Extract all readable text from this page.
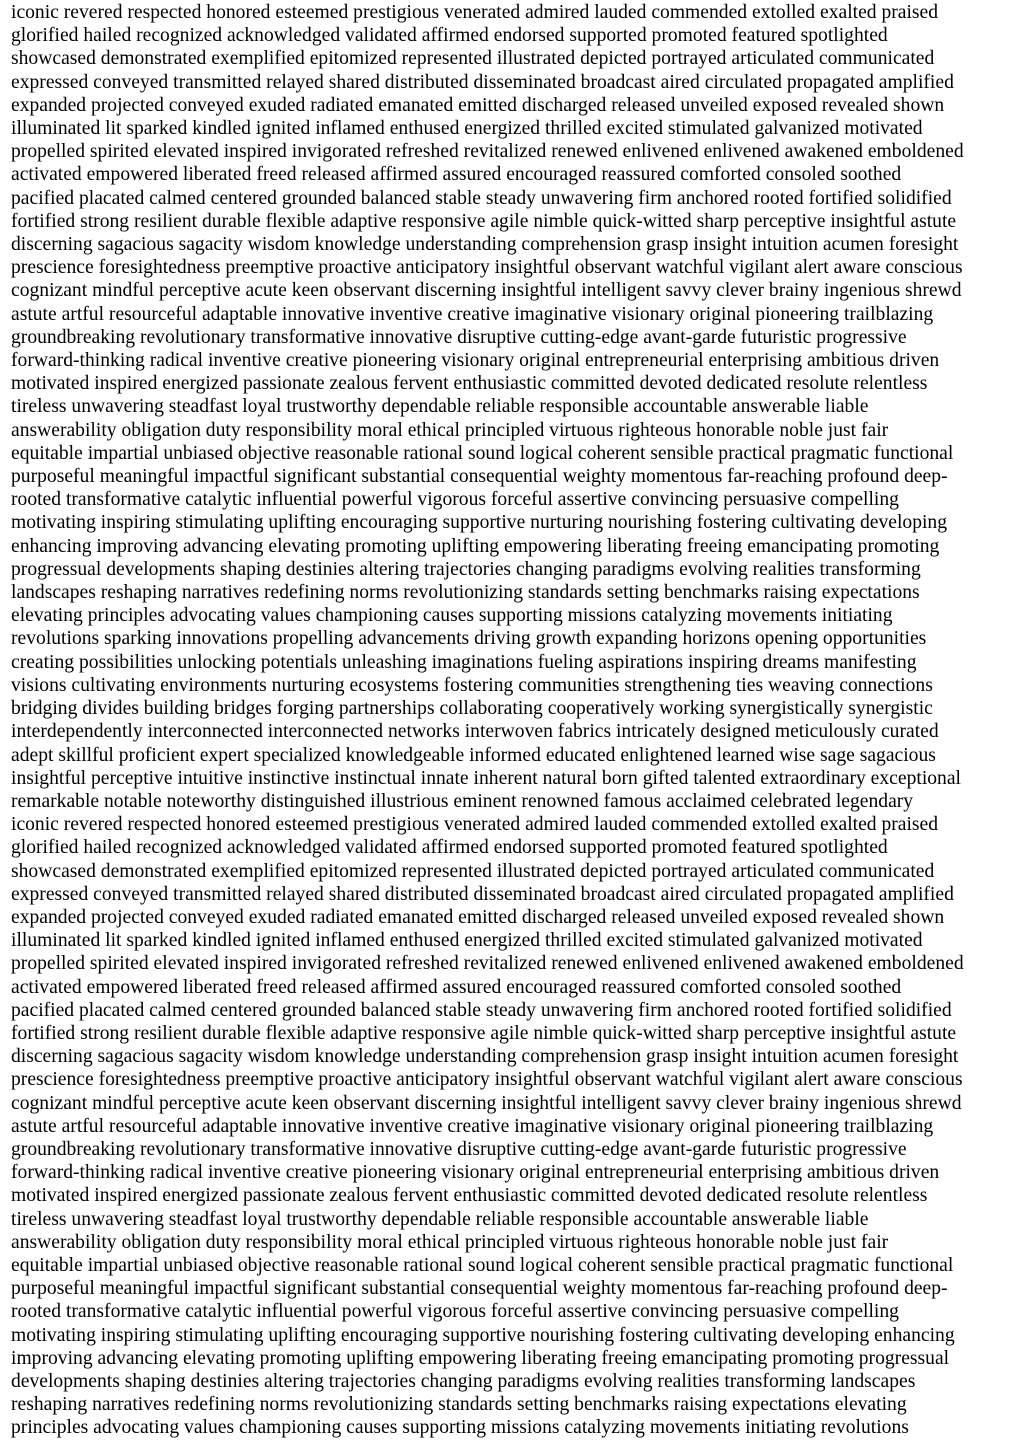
iconic revered respected honored esteemed prestigious venerated admired lauded commended extolled exalted praised
glorified hailed recognized acknowledged validated affirmed endorsed supported promoted featured spotlighted
showcased demonstrated exemplified epitomized represented illustrated depicted portrayed articulated communicated
expressed conveyed transmitted relayed shared distributed disseminated broadcast aired circulated propagated amplified
expanded projected conveyed exuded radiated emanated emitted discharged released unveiled exposed revealed shown
illuminated lit sparked kindled ignited inflamed enthused energized thrilled excited stimulated galvanized motivated
propelled spirited elevated inspired invigorated refreshed revitalized renewed enlivened enlivened awakened emboldened
activated empowered liberated freed released affirmed assured encouraged reassured comforted consoled soothed
pacified placated calmed centered grounded balanced stable steady unwavering firm anchored rooted fortified solidified
fortified strong resilient durable flexible adaptive responsive agile nimble quick-witted sharp perceptive insightful astute
discerning sagacious sagacity wisdom knowledge understanding comprehension grasp insight intuition acumen foresight
prescience foresightedness preemptive proactive anticipatory insightful observant watchful vigilant alert aware conscious
cognizant mindful perceptive acute keen observant discerning insightful intelligent savvy clever brainy ingenious shrewd
astute artful resourceful adaptable innovative inventive creative imaginative visionary original pioneering trailblazing
groundbreaking revolutionary transformative innovative disruptive cutting-edge avant-garde futuristic progressive
forward-thinking radical inventive creative pioneering visionary original entrepreneurial enterprising ambitious driven
motivated inspired energized passionate zealous fervent enthusiastic committed devoted dedicated resolute relentless
tireless unwavering steadfast loyal trustworthy dependable reliable responsible accountable answerable liable
answerability obligation duty responsibility moral ethical principled virtuous righteous honorable noble just fair
equitable impartial unbiased objective reasonable rational sound logical coherent sensible practical pragmatic functional
purposeful meaningful impactful significant substantial consequential weighty momentous far-reaching profound deep-
rooted transformative catalytic influential powerful vigorous forceful assertive convincing persuasive compelling
motivating inspiring stimulating uplifting encouraging supportive nurturing nourishing fostering cultivating developing
enhancing improving advancing elevating promoting uplifting empowering liberating freeing emancipating promoting
progressual developments shaping destinies altering trajectories changing paradigms evolving realities transforming
landscapes reshaping narratives redefining norms revolutionizing standards setting benchmarks raising expectations
elevating principles advocating values championing causes supporting missions catalyzing movements initiating
revolutions sparking innovations propelling advancements driving growth expanding horizons opening opportunities
creating possibilities unlocking potentials unleashing imaginations fueling aspirations inspiring dreams manifesting
visions cultivating environments nurturing ecosystems fostering communities strengthening ties weaving connections
bridging divides building bridges forging partnerships collaborating cooperatively working synergistically synergistic
interdependently interconnected interconnected networks interwoven fabrics intricately designed meticulously curated
adept skillful proficient expert specialized knowledgeable informed educated enlightened learned wise sage sagacious
insightful perceptive intuitive instinctive instinctual innate inherent natural born gifted talented extraordinary exceptional
remarkable notable noteworthy distinguished illustrious eminent renowned famous acclaimed celebrated legendary
iconic revered respected honored esteemed prestigious venerated admired lauded commended extolled exalted praised
glorified hailed recognized acknowledged validated affirmed endorsed supported promoted featured spotlighted
showcased demonstrated exemplified epitomized represented illustrated depicted portrayed articulated communicated
expressed conveyed transmitted relayed shared distributed disseminated broadcast aired circulated propagated amplified
expanded projected conveyed exuded radiated emanated emitted discharged released unveiled exposed revealed shown
illuminated lit sparked kindled ignited inflamed enthused energized thrilled excited stimulated galvanized motivated
propelled spirited elevated inspired invigorated refreshed revitalized renewed enlivened enlivened awakened emboldened
activated empowered liberated freed released affirmed assured encouraged reassured comforted consoled soothed
pacified placated calmed centered grounded balanced stable steady unwavering firm anchored rooted fortified solidified
fortified strong resilient durable flexible adaptive responsive agile nimble quick-witted sharp perceptive insightful astute
discerning sagacious sagacity wisdom knowledge understanding comprehension grasp insight intuition acumen foresight
prescience foresightedness preemptive proactive anticipatory insightful observant watchful vigilant alert aware conscious
cognizant mindful perceptive acute keen observant discerning insightful intelligent savvy clever brainy ingenious shrewd
astute artful resourceful adaptable innovative inventive creative imaginative visionary original pioneering trailblazing
groundbreaking revolutionary transformative innovative disruptive cutting-edge avant-garde futuristic progressive
forward-thinking radical inventive creative pioneering visionary original entrepreneurial enterprising ambitious driven
motivated inspired energized passionate zealous fervent enthusiastic committed devoted dedicated resolute relentless
tireless unwavering steadfast loyal trustworthy dependable reliable responsible accountable answerable liable
answerability obligation duty responsibility moral ethical principled virtuous righteous honorable noble just fair
equitable impartial unbiased objective reasonable rational sound logical coherent sensible practical pragmatic functional
purposeful meaningful impactful significant substantial consequential weighty momentous far-reaching profound deep-
rooted transformative catalytic influential powerful vigorous forceful assertive convincing persuasive compelling
motivating inspiring stimulating uplifting encouraging supportive nourishing fostering cultivating developing enhancing
improving advancing elevating promoting uplifting empowering liberating freeing emancipating promoting progressual
developments shaping destinies altering trajectories changing paradigms evolving realities transforming landscapes
reshaping narratives redefining norms revolutionizing standards setting benchmarks raising expectations elevating
principles advocating values championing causes supporting missions catalyzing movements initiating revolutions
